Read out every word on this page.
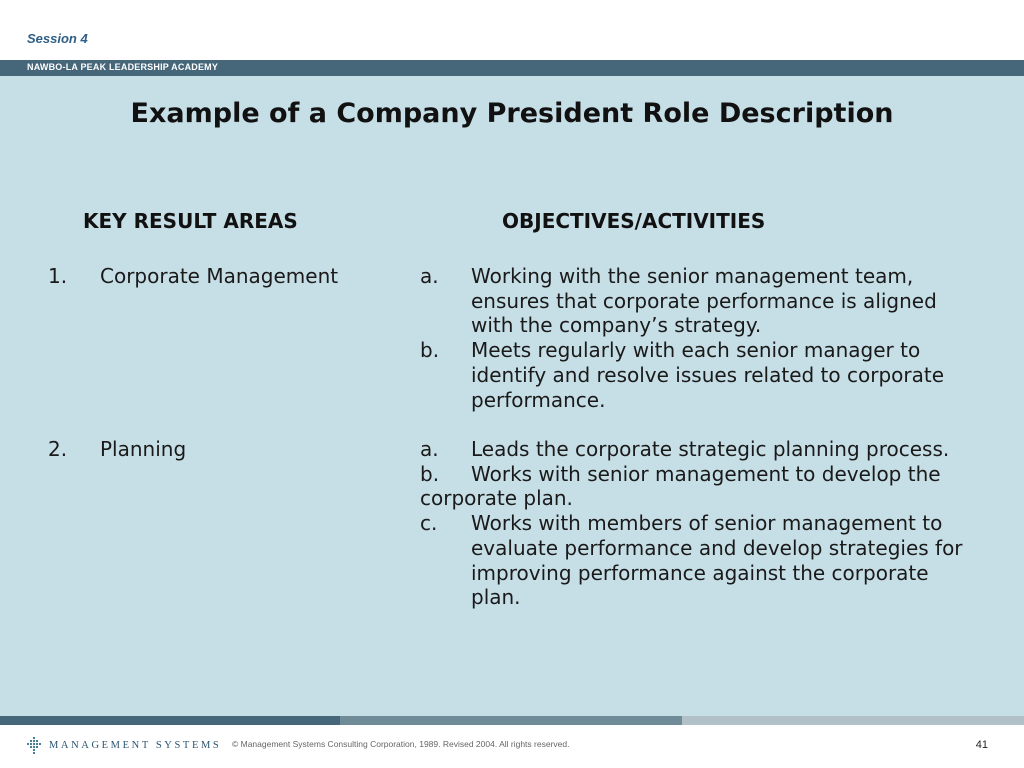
Session 4
NAWBO-LA PEAK LEADERSHIP ACADEMY
Example of a Company President Role Description
KEY RESULT AREAS	OBJECTIVES/ACTIVITIES
1. Corporate Management	a. Working with the senior management team, ensures that corporate performance is aligned with the company’s strategy.
b. Meets regularly with each senior manager to identify and resolve issues related to corporate performance.
2. Planning	a. Leads the corporate strategic planning process.
b. Works with senior management to develop the corporate plan.
c. Works with members of senior management to evaluate performance and develop strategies for improving performance against the corporate plan.
MANAGEMENT SYSTEMS © Management Systems Consulting Corporation, 1989. Revised 2004. All rights reserved.	41
